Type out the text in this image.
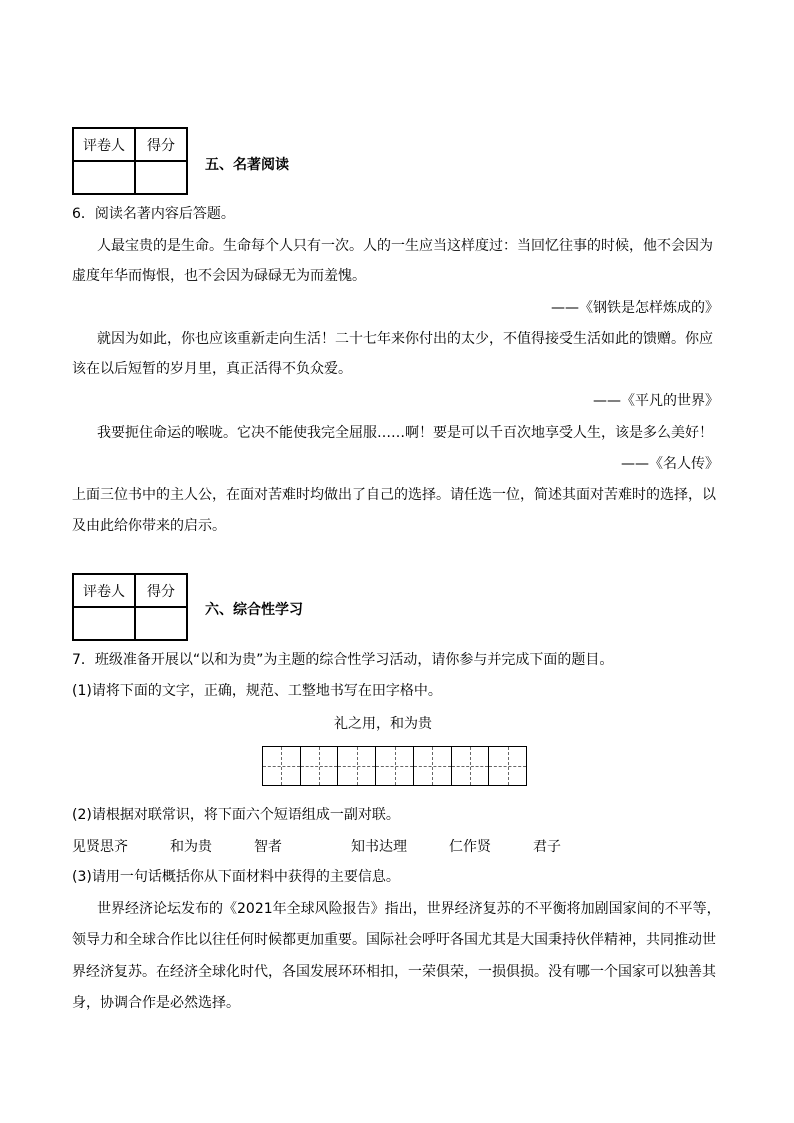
评卷人	得分

五、名著阅读
6．阅读名著内容后答题。
人最宝贵的是生命。生命每个人只有一次。人的一生应当这样度过：当回忆往事的时候，他不会因为
虚度年华而悔恨，也不会因为碌碌无为而羞愧。
——《钢铁是怎样炼成的》
就因为如此，你也应该重新走向生活！二十七年来你付出的太少，不值得接受生活如此的馈赠。你应
该在以后短暂的岁月里，真正活得不负众爱。
——《平凡的世界》
我要扼住命运的喉咙。它决不能使我完全屈服……啊！要是可以千百次地享受人生，该是多么美好！
——《名人传》
上面三位书中的主人公，在面对苦难时均做出了自己的选择。请任选一位，简述其面对苦难时的选择，以
及由此给你带来的启示。
评卷人	得分

六、综合性学习
7．班级准备开展以“以和为贵”为主题的综合性学习活动，请你参与并完成下面的题目。
(1)请将下面的文字，正确，规范、工整地书写在田字格中。
礼之用，和为贵
(2)请根据对联常识，将下面六个短语组成一副对联。
见贤思齐	和为贵	智者	知书达理	仁作贤	君子
(3)请用一句话概括你从下面材料中获得的主要信息。
世界经济论坛发布的《2021年全球风险报告》指出，世界经济复苏的不平衡将加剧国家间的不平等，
领导力和全球合作比以往任何时候都更加重要。国际社会呼吁各国尤其是大国秉持伙伴精神，共同推动世
界经济复苏。在经济全球化时代，各国发展环环相扣，一荣俱荣，一损俱损。没有哪一个国家可以独善其
身，协调合作是必然选择。
